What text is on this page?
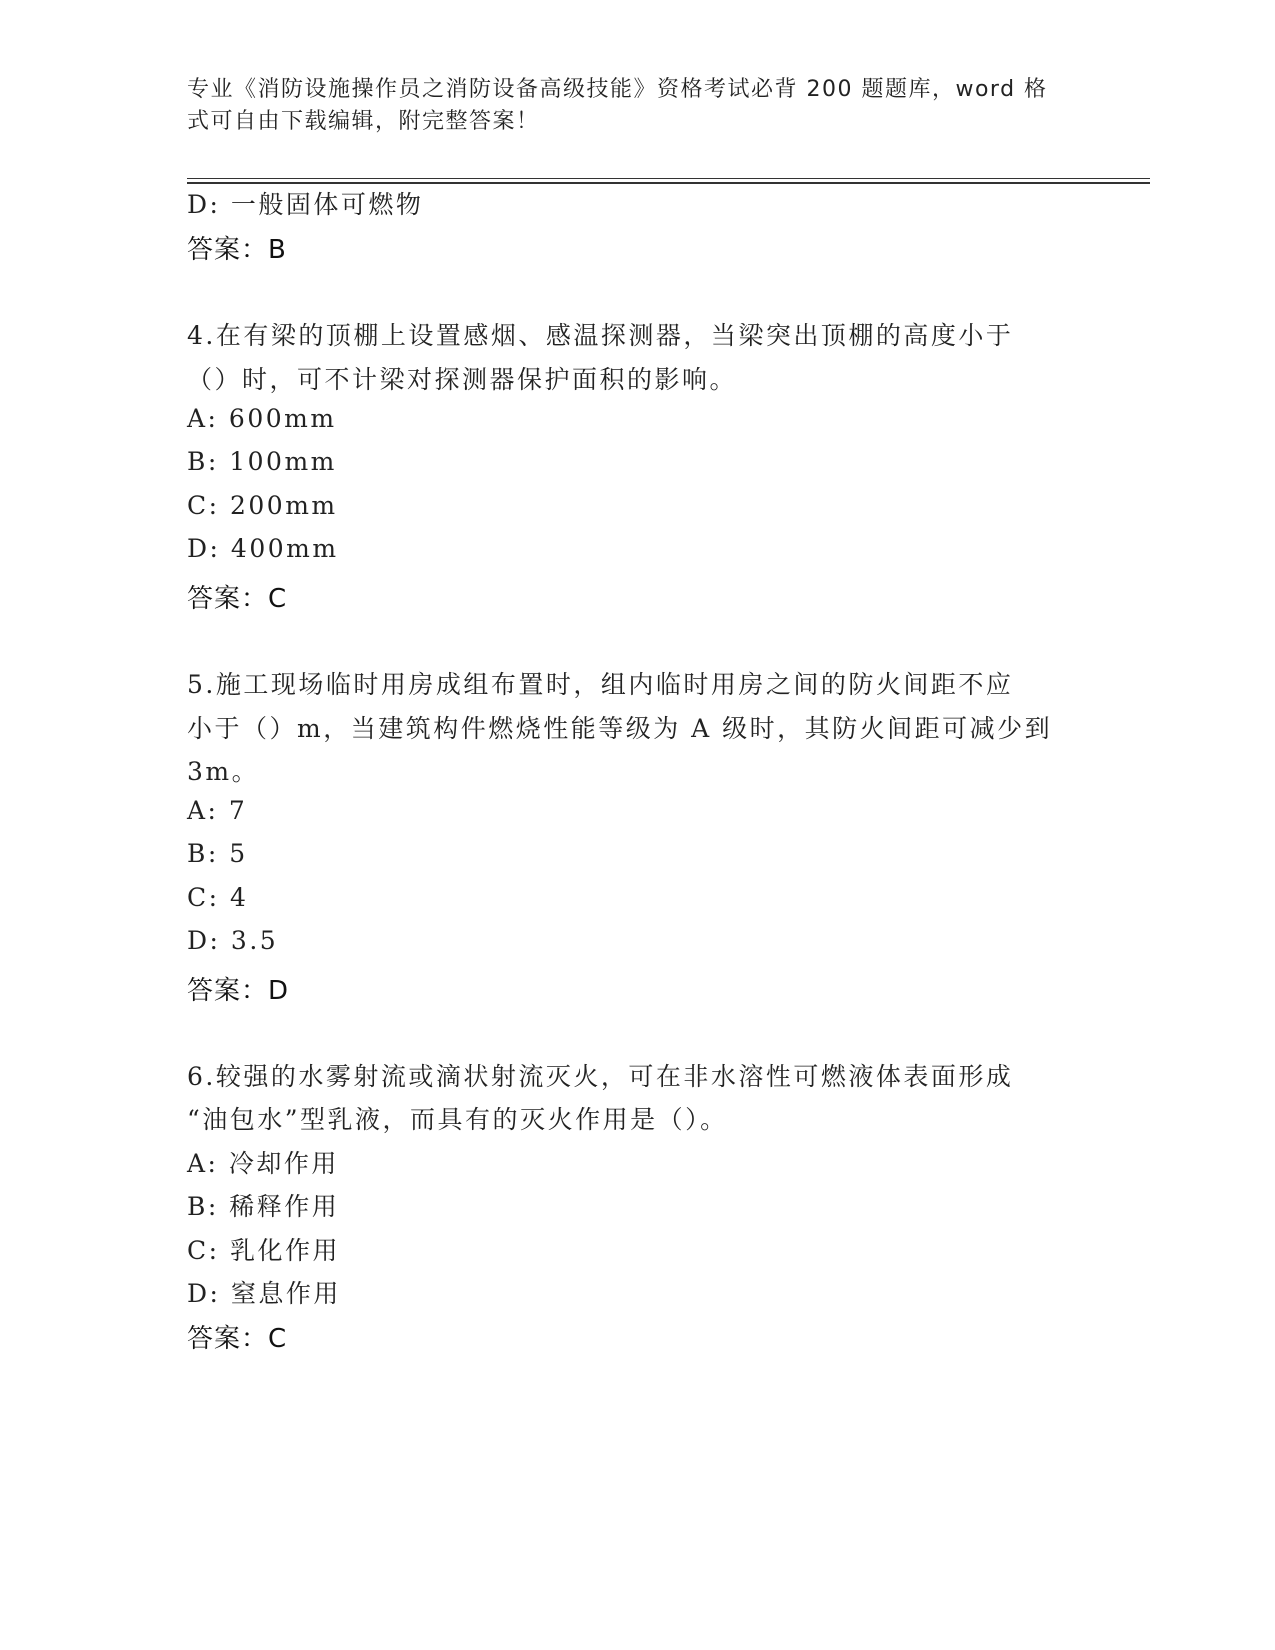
专业《消防设施操作员之消防设备高级技能》资格考试必背 200 题题库，word 格
式可自由下载编辑，附完整答案！
D: 一般固体可燃物
答案：B
4.在有梁的顶棚上设置感烟、感温探测器，当梁突出顶棚的高度小于
（）时，可不计梁对探测器保护面积的影响。
A: 600mm
B: 100mm
C: 200mm
D: 400mm
答案：C
5.施工现场临时用房成组布置时，组内临时用房之间的防火间距不应
小于（）m，当建筑构件燃烧性能等级为 A 级时，其防火间距可减少到
3m。
A: 7
B: 5
C: 4
D: 3.5
答案：D
6.较强的水雾射流或滴状射流灭火，可在非水溶性可燃液体表面形成
“油包水”型乳液，而具有的灭火作用是（）。
A: 冷却作用
B: 稀释作用
C: 乳化作用
D: 窒息作用
答案：C
